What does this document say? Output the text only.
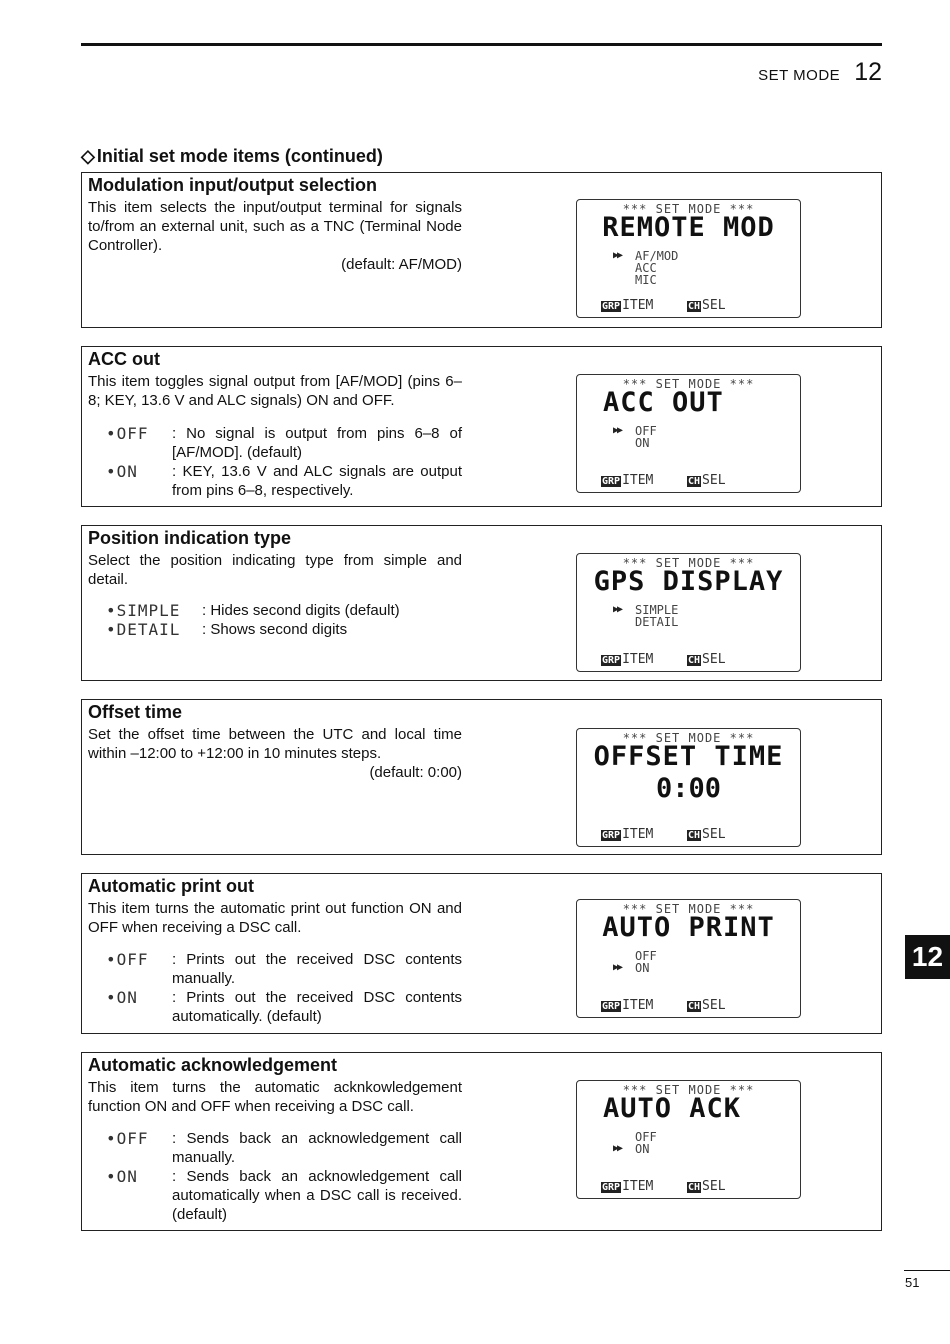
SET MODE 12
◇ Initial set mode items (continued)
Modulation input/output selection
This item selects the input/output terminal for signals to/from an external unit, such as a TNC (Terminal Node Controller).
(default: AF/MOD)
*** SET MODE ***
REMOTE MOD
▶▶	AF/MOD
ACC
MIC
GRP ITEM	CH SEL
ACC out
This item toggles signal output from [AF/MOD] (pins 6–8; KEY, 13.6 V and ALC signals) ON and OFF.
•OFF	: No signal is output from pins 6–8 of [AF/MOD]. (default)
•ON	: KEY, 13.6 V and ALC signals are output from pins 6–8, respectively.
*** SET MODE ***
ACC OUT
▶▶	OFF
ON
GRP ITEM	CH SEL
Position indication type
Select the position indicating type from simple and detail.
•SIMPLE	: Hides second digits (default)
•DETAIL	: Shows second digits
*** SET MODE ***
GPS DISPLAY
▶▶	SIMPLE
DETAIL
GRP ITEM	CH SEL
Offset time
Set the offset time between the UTC and local time within –12:00 to +12:00 in 10 minutes steps.
(default: 0:00)
*** SET MODE ***
OFFSET TIME
0:00
GRP ITEM	CH SEL
Automatic print out
This item turns the automatic print out function ON and OFF when receiving a DSC call.
•OFF	: Prints out the received DSC contents manually.
•ON	: Prints out the received DSC contents automatically. (default)
*** SET MODE ***
AUTO PRINT
OFF
▶▶	ON
GRP ITEM	CH SEL
Automatic acknowledgement
This item turns the automatic acknkowledgement function ON and OFF when receiving a DSC call.
•OFF	: Sends back an acknowledgement call manually.
•ON	: Sends back an acknowledgement call automatically when a DSC call is received. (default)
*** SET MODE ***
AUTO ACK
OFF
▶▶	ON
GRP ITEM	CH SEL
12
51
